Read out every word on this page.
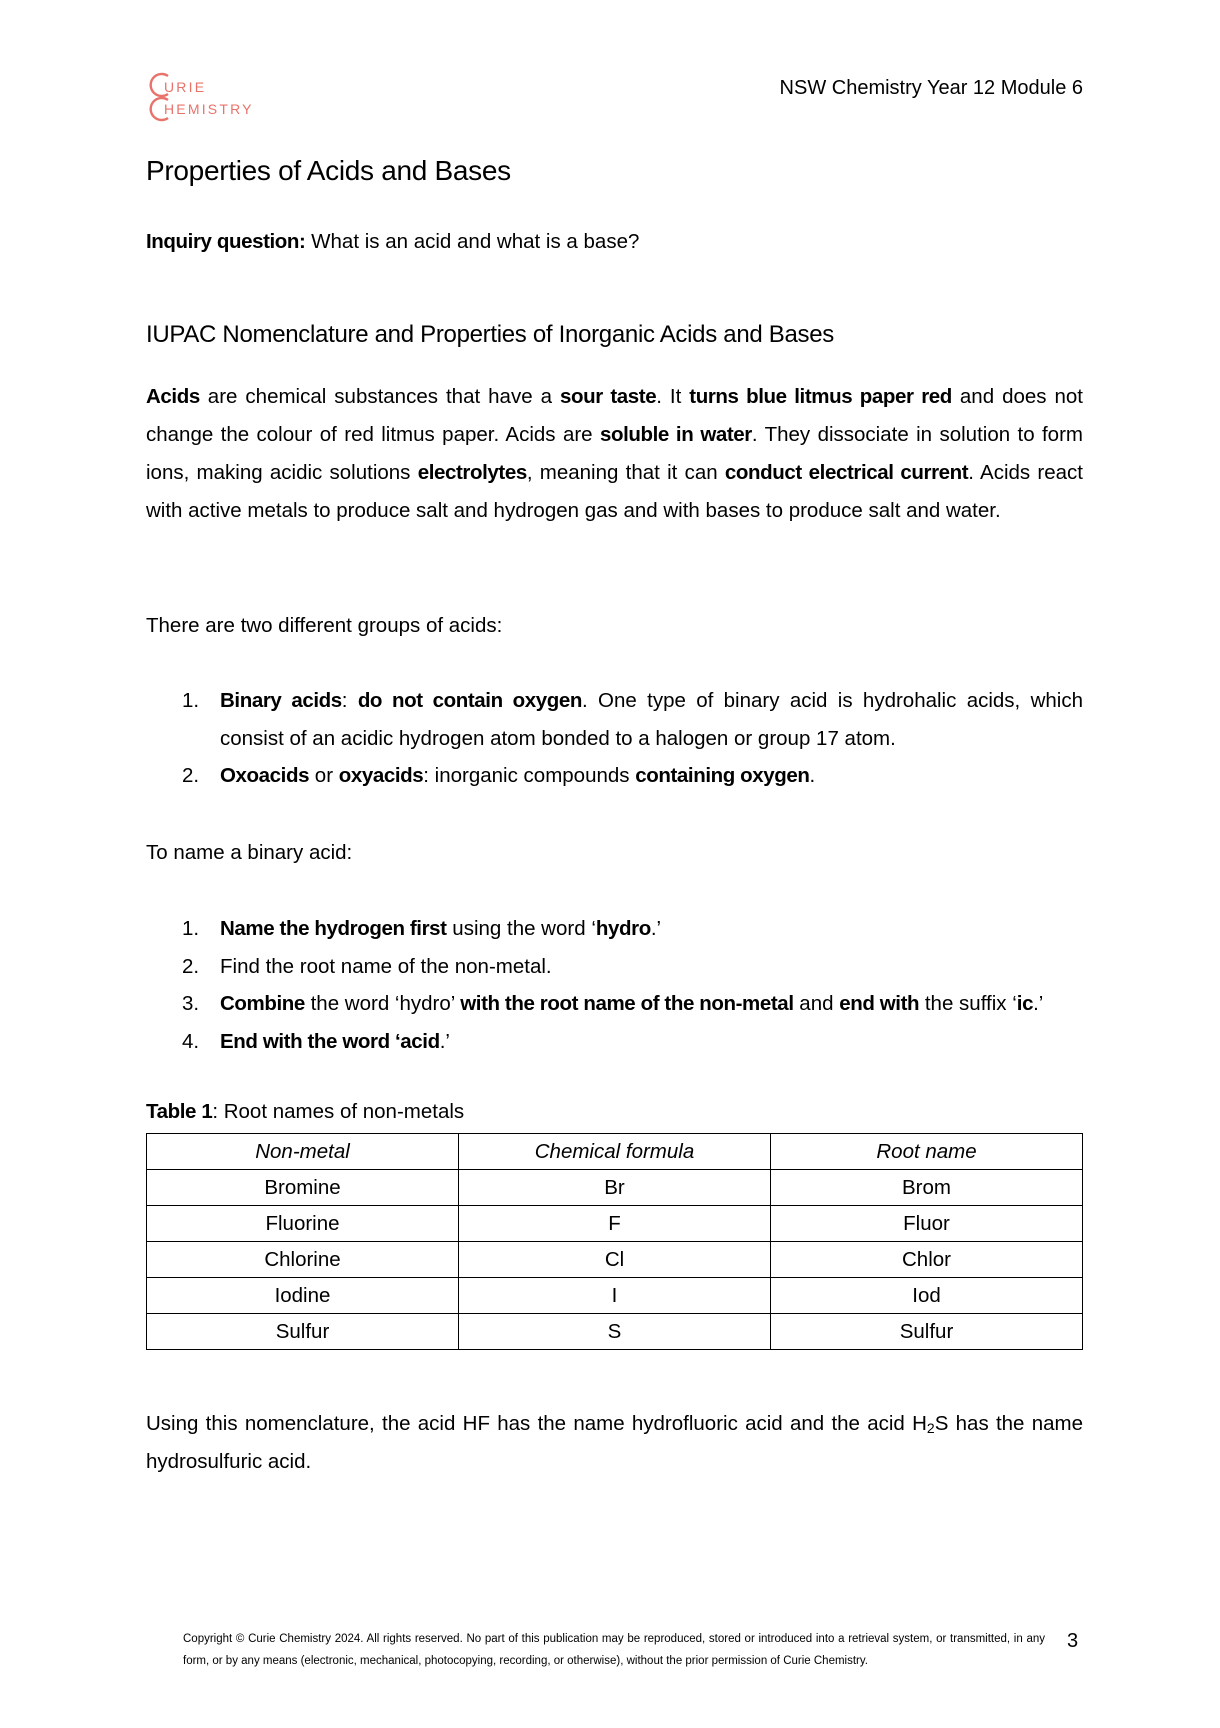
URIE
HEMISTRY
NSW Chemistry Year 12 Module 6
Properties of Acids and Bases
Inquiry question: What is an acid and what is a base?
IUPAC Nomenclature and Properties of Inorganic Acids and Bases
Acids are chemical substances that have a sour taste. It turns blue litmus paper red and does not change the colour of red litmus paper. Acids are soluble in water. They dissociate in solution to form ions, making acidic solutions electrolytes, meaning that it can conduct electrical current. Acids react with active metals to produce salt and hydrogen gas and with bases to produce salt and water.
There are two different groups of acids:
1. Binary acids: do not contain oxygen. One type of binary acid is hydrohalic acids, which consist of an acidic hydrogen atom bonded to a halogen or group 17 atom.
2. Oxoacids or oxyacids: inorganic compounds containing oxygen.
To name a binary acid:
1. Name the hydrogen first using the word ‘hydro.’
2. Find the root name of the non-metal.
3. Combine the word ‘hydro’ with the root name of the non-metal and end with the suffix ‘ic.’
4. End with the word ‘acid.’
Table 1: Root names of non-metals
Non-metal	Chemical formula	Root name
Bromine	Br	Brom
Fluorine	F	Fluor
Chlorine	Cl	Chlor
Iodine	I	Iod
Sulfur	S	Sulfur
Using this nomenclature, the acid HF has the name hydrofluoric acid and the acid $H_2S$ has the name hydrosulfuric acid.
Copyright © Curie Chemistry 2024. All rights reserved. No part of this publication may be reproduced, stored or introduced into a retrieval system, or transmitted, in any form, or by any means (electronic, mechanical, photocopying, recording, or otherwise), without the prior permission of Curie Chemistry.
3
